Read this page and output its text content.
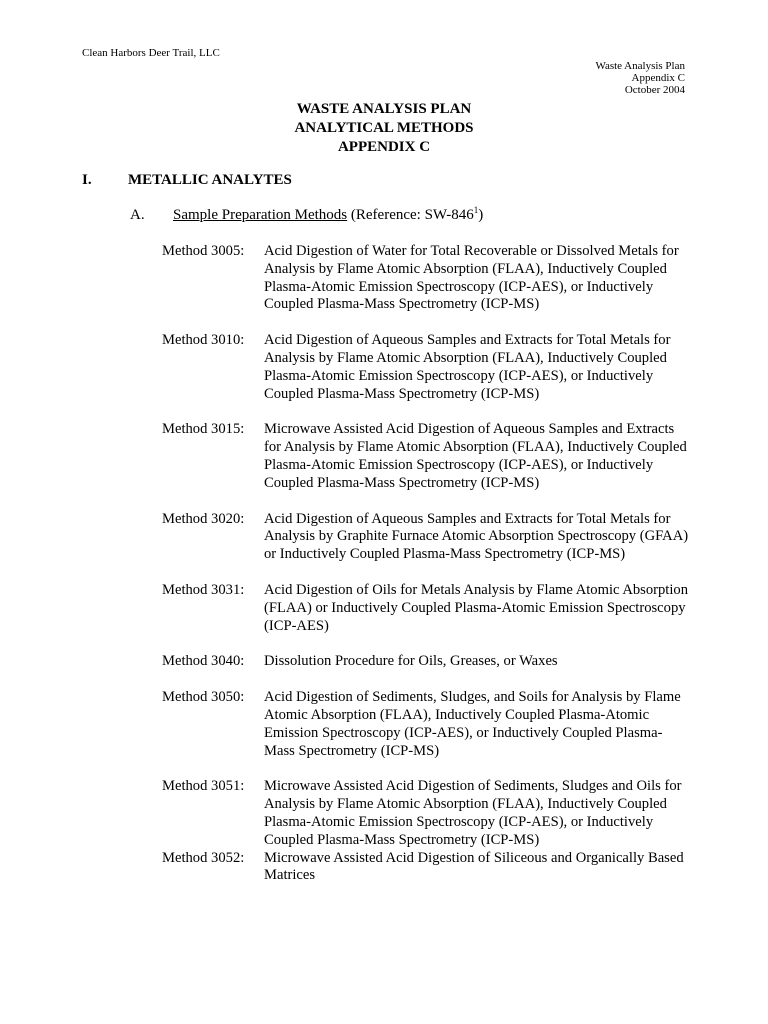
Clean Harbors Deer Trail, LLC
Waste Analysis Plan
Appendix C
October 2004
WASTE ANALYSIS PLAN
ANALYTICAL METHODS
APPENDIX C
I. METALLIC ANALYTES
A. Sample Preparation Methods (Reference: $SW-846^1$)
Method 3005: Acid Digestion of Water for Total Recoverable or Dissolved Metals for Analysis by Flame Atomic Absorption (FLAA), Inductively Coupled Plasma-Atomic Emission Spectroscopy (ICP-AES), or Inductively Coupled Plasma-Mass Spectrometry (ICP-MS)
Method 3010: Acid Digestion of Aqueous Samples and Extracts for Total Metals for Analysis by Flame Atomic Absorption (FLAA), Inductively Coupled Plasma-Atomic Emission Spectroscopy (ICP-AES), or Inductively Coupled Plasma-Mass Spectrometry (ICP-MS)
Method 3015: Microwave Assisted Acid Digestion of Aqueous Samples and Extracts for Analysis by Flame Atomic Absorption (FLAA), Inductively Coupled Plasma-Atomic Emission Spectroscopy (ICP-AES), or Inductively Coupled Plasma-Mass Spectrometry (ICP-MS)
Method 3020: Acid Digestion of Aqueous Samples and Extracts for Total Metals for Analysis by Graphite Furnace Atomic Absorption Spectroscopy (GFAA) or Inductively Coupled Plasma-Mass Spectrometry (ICP-MS)
Method 3031: Acid Digestion of Oils for Metals Analysis by Flame Atomic Absorption (FLAA) or Inductively Coupled Plasma-Atomic Emission Spectroscopy (ICP-AES)
Method 3040: Dissolution Procedure for Oils, Greases, or Waxes
Method 3050: Acid Digestion of Sediments, Sludges, and Soils for Analysis by Flame Atomic Absorption (FLAA), Inductively Coupled Plasma-Atomic Emission Spectroscopy (ICP-AES), or Inductively Coupled Plasma-Mass Spectrometry (ICP-MS)
Method 3051: Microwave Assisted Acid Digestion of Sediments, Sludges and Oils for Analysis by Flame Atomic Absorption (FLAA), Inductively Coupled Plasma-Atomic Emission Spectroscopy (ICP-AES), or Inductively Coupled Plasma-Mass Spectrometry (ICP-MS)
Method 3052: Microwave Assisted Acid Digestion of Siliceous and Organically Based Matrices
